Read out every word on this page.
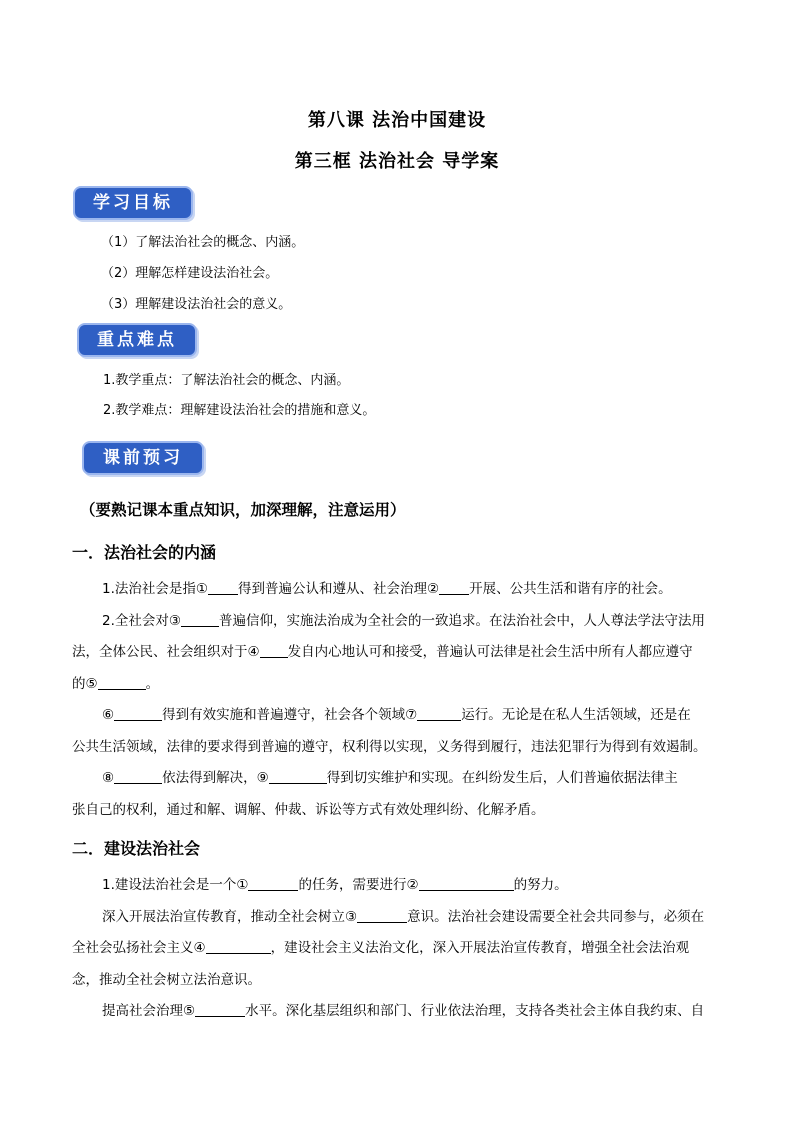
第八课 法治中国建设
第三框 法治社会 导学案
学习目标
（1）了解法治社会的概念、内涵。
（2）理解怎样建设法治社会。
（3）理解建设法治社会的意义。
重点难点
1.教学重点：了解法治社会的概念、内涵。
2.教学难点：理解建设法治社会的措施和意义。
课前预习
（要熟记课本重点知识，加深理解，注意运用）
一．法治社会的内涵
1.法治社会是指① 得到普遍公认和遵从、社会治理② 开展、公共生活和谐有序的社会。
2.全社会对③	普遍信仰，实施法治成为全社会的一致追求。在法治社会中，人人尊法学法守法用
法，全体公民、社会组织对于④ 发自内心地认可和接受，普遍认可法律是社会生活中所有人都应遵守
的⑤	。
⑥	得到有效实施和普遍遵守，社会各个领域⑦	运行。无论是在私人生活领域，还是在
公共生活领域，法律的要求得到普遍的遵守，权利得以实现，义务得到履行，违法犯罪行为得到有效遏制。
⑧	依法得到解决，⑨	得到切实维护和实现。在纠纷发生后，人们普遍依据法律主
张自己的权利，通过和解、调解、仲裁、诉讼等方式有效处理纠纷、化解矛盾。
二．建设法治社会
1.建设法治社会是一个①	的任务，需要进行②	的努力。
深入开展法治宣传教育，推动全社会树立③	意识。法治社会建设需要全社会共同参与，必须在
全社会弘扬社会主义④	，建设社会主义法治文化，深入开展法治宣传教育，增强全社会法治观
念，推动全社会树立法治意识。
提高社会治理⑤	水平。深化基层组织和部门、行业依法治理，支持各类社会主体自我约束、自
